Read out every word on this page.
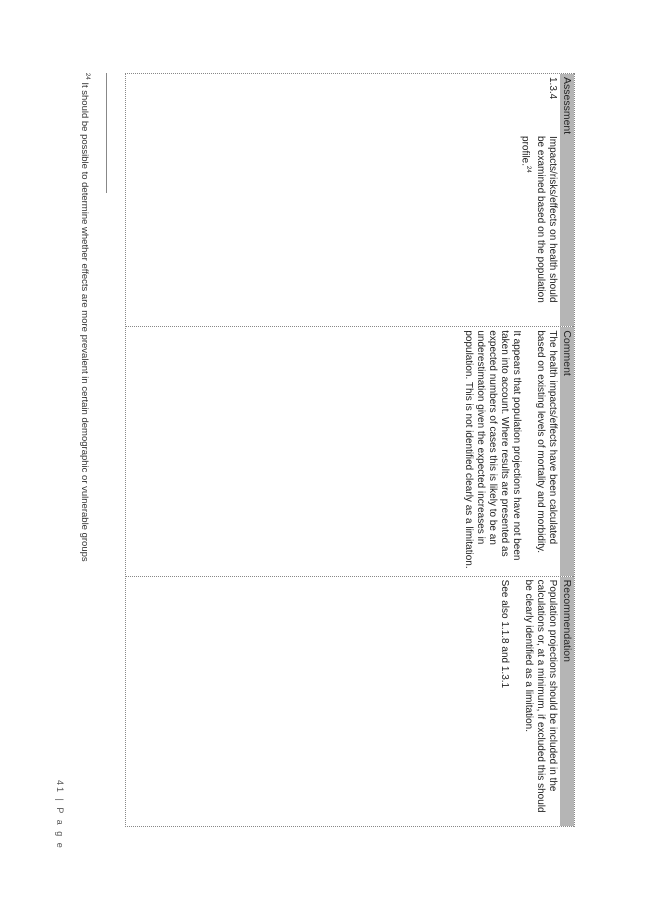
Assessment
1.3.4
Impacts/risks/effects on health should be examined based on the population profile.$^{24}$
Comment

The health impacts/effects have been calculated based on existing levels of mortality and morbidity.

It appears that population projections have not been taken into account. Where results are presented as expected numbers of cases this is likely to be an underestimation given the expected increases in population. This is not identified clearly as a limitation.

Recommendation

Population projections should be included in the calculations or, at a minimum, if excluded this should be clearly identified as a limitation.

See also 1.1.8 and 1.3.1

$^{24}$ It should be possible to determine whether effects are more prevalent in certain demographic or vulnerable groups
41 | P a g e
